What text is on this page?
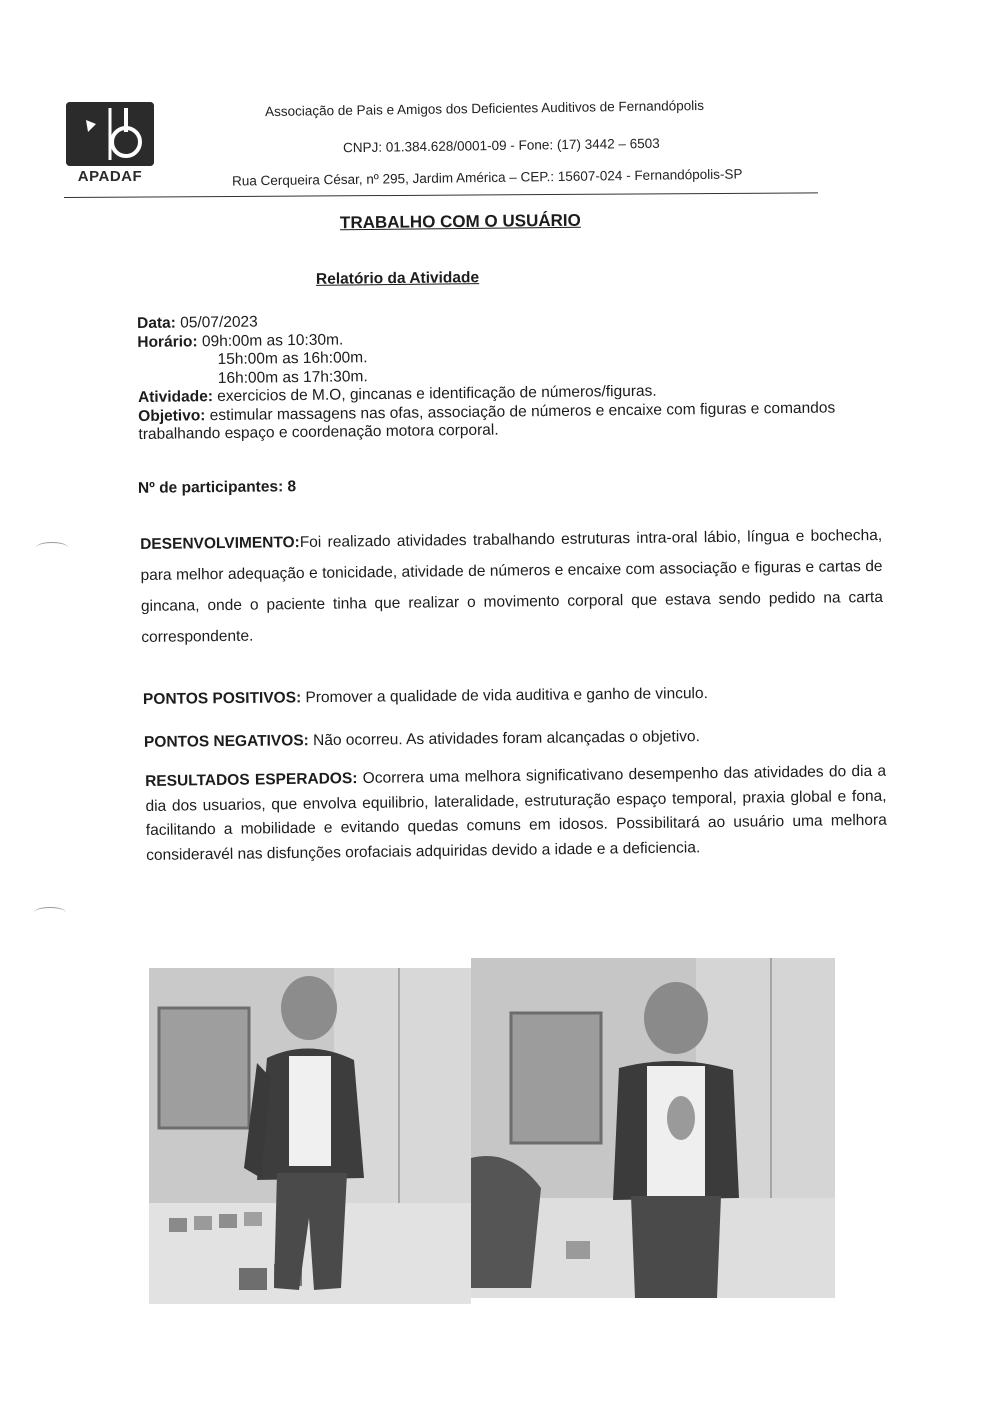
APADAF
Associação de Pais e Amigos dos Deficientes Auditivos de Fernandópolis
CNPJ: 01.384.628/0001-09 - Fone: (17) 3442 – 6503
Rua Cerqueira César, nº 295, Jardim América – CEP.: 15607-024 - Fernandópolis-SP
TRABALHO COM O USUÁRIO
Relatório da Atividade
Data: 05/07/2023
Horário: 09h:00m as 10:30m.
15h:00m as 16h:00m.
16h:00m as 17h:30m.
Atividade: exercicios de M.O, gincanas e identificação de números/figuras.
Objetivo: estimular massagens nas ofas, associação de números e encaixe com figuras e comandos trabalhando espaço e coordenação motora corporal.
Nº de participantes: 8
DESENVOLVIMENTO:Foi realizado atividades trabalhando estruturas intra-oral lábio, língua e bochecha, para melhor adequação e tonicidade, atividade de números e encaixe com associação e figuras e cartas de gincana, onde o paciente tinha que realizar o movimento corporal que estava sendo pedido na carta correspondente.
PONTOS POSITIVOS: Promover a qualidade de vida auditiva e ganho de vinculo.
PONTOS NEGATIVOS: Não ocorreu. As atividades foram alcançadas o objetivo.
RESULTADOS ESPERADOS: Ocorrera uma melhora significativano desempenho das atividades do dia a dia dos usuarios, que envolva equilibrio, lateralidade, estruturação espaço temporal, praxia global e fona, facilitando a mobilidade e evitando quedas comuns em idosos. Possibilitará ao usuário uma melhora consideravél nas disfunções orofaciais adquiridas devido a idade e a deficiencia.
